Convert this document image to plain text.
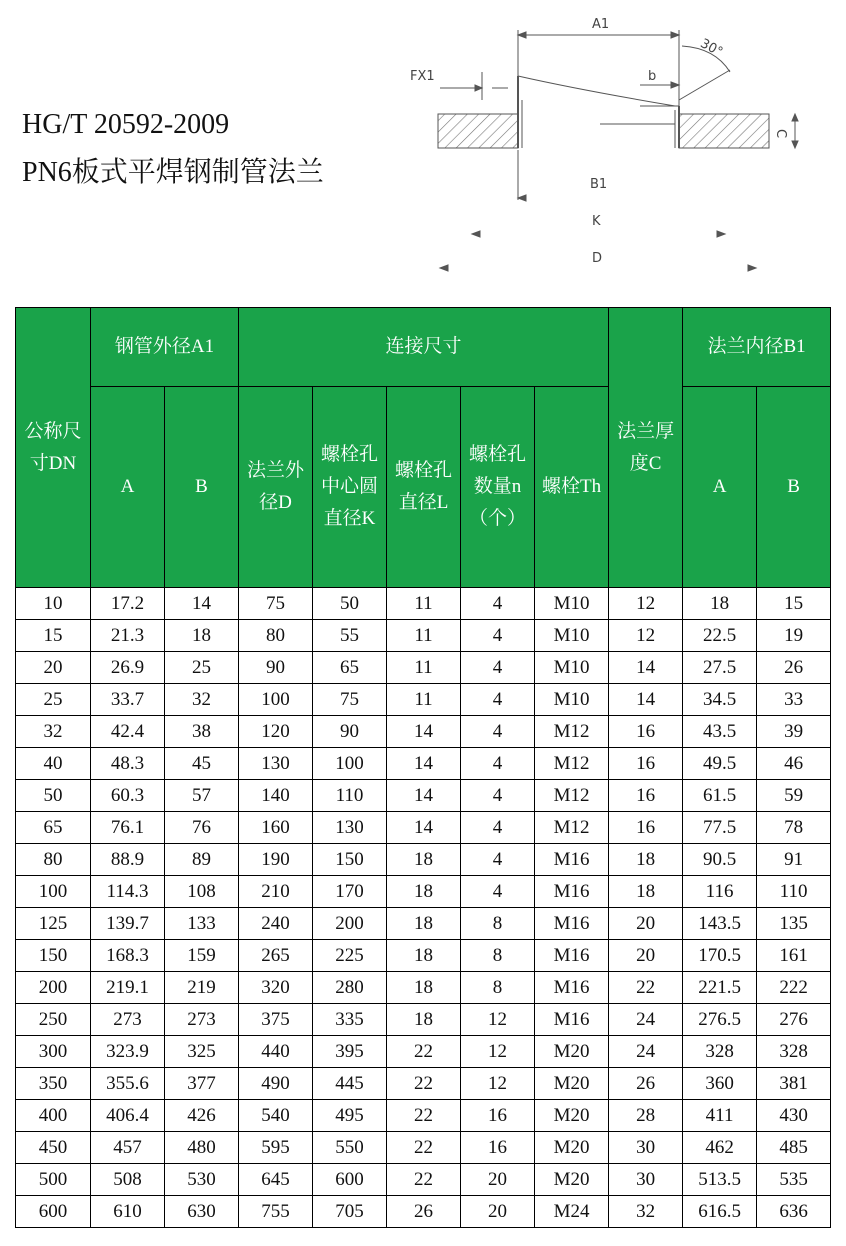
HG/T 20592-2009
PN6板式平焊钢制管法兰
A1
30°
b
FX1
C
B1
K
D
公称尺寸DN	钢管外径A1		连接尺寸					法兰厚度C	法兰内径B1	

	A	B	法兰外径D	螺栓孔中心圆直径K	螺栓孔直径L	螺栓孔数量n（个）	螺栓Th		A	B
10	17.2	14	75	50	11	4	M10	12	18	15
15	21.3	18	80	55	11	4	M10	12	22.5	19
20	26.9	25	90	65	11	4	M10	14	27.5	26
25	33.7	32	100	75	11	4	M10	14	34.5	33
32	42.4	38	120	90	14	4	M12	16	43.5	39
40	48.3	45	130	100	14	4	M12	16	49.5	46
50	60.3	57	140	110	14	4	M12	16	61.5	59
65	76.1	76	160	130	14	4	M12	16	77.5	78
80	88.9	89	190	150	18	4	M16	18	90.5	91
100	114.3	108	210	170	18	4	M16	18	116	110
125	139.7	133	240	200	18	8	M16	20	143.5	135
150	168.3	159	265	225	18	8	M16	20	170.5	161
200	219.1	219	320	280	18	8	M16	22	221.5	222
250	273	273	375	335	18	12	M16	24	276.5	276
300	323.9	325	440	395	22	12	M20	24	328	328
350	355.6	377	490	445	22	12	M20	26	360	381
400	406.4	426	540	495	22	16	M20	28	411	430
450	457	480	595	550	22	16	M20	30	462	485
500	508	530	645	600	22	20	M20	30	513.5	535
600	610	630	755	705	26	20	M24	32	616.5	636
